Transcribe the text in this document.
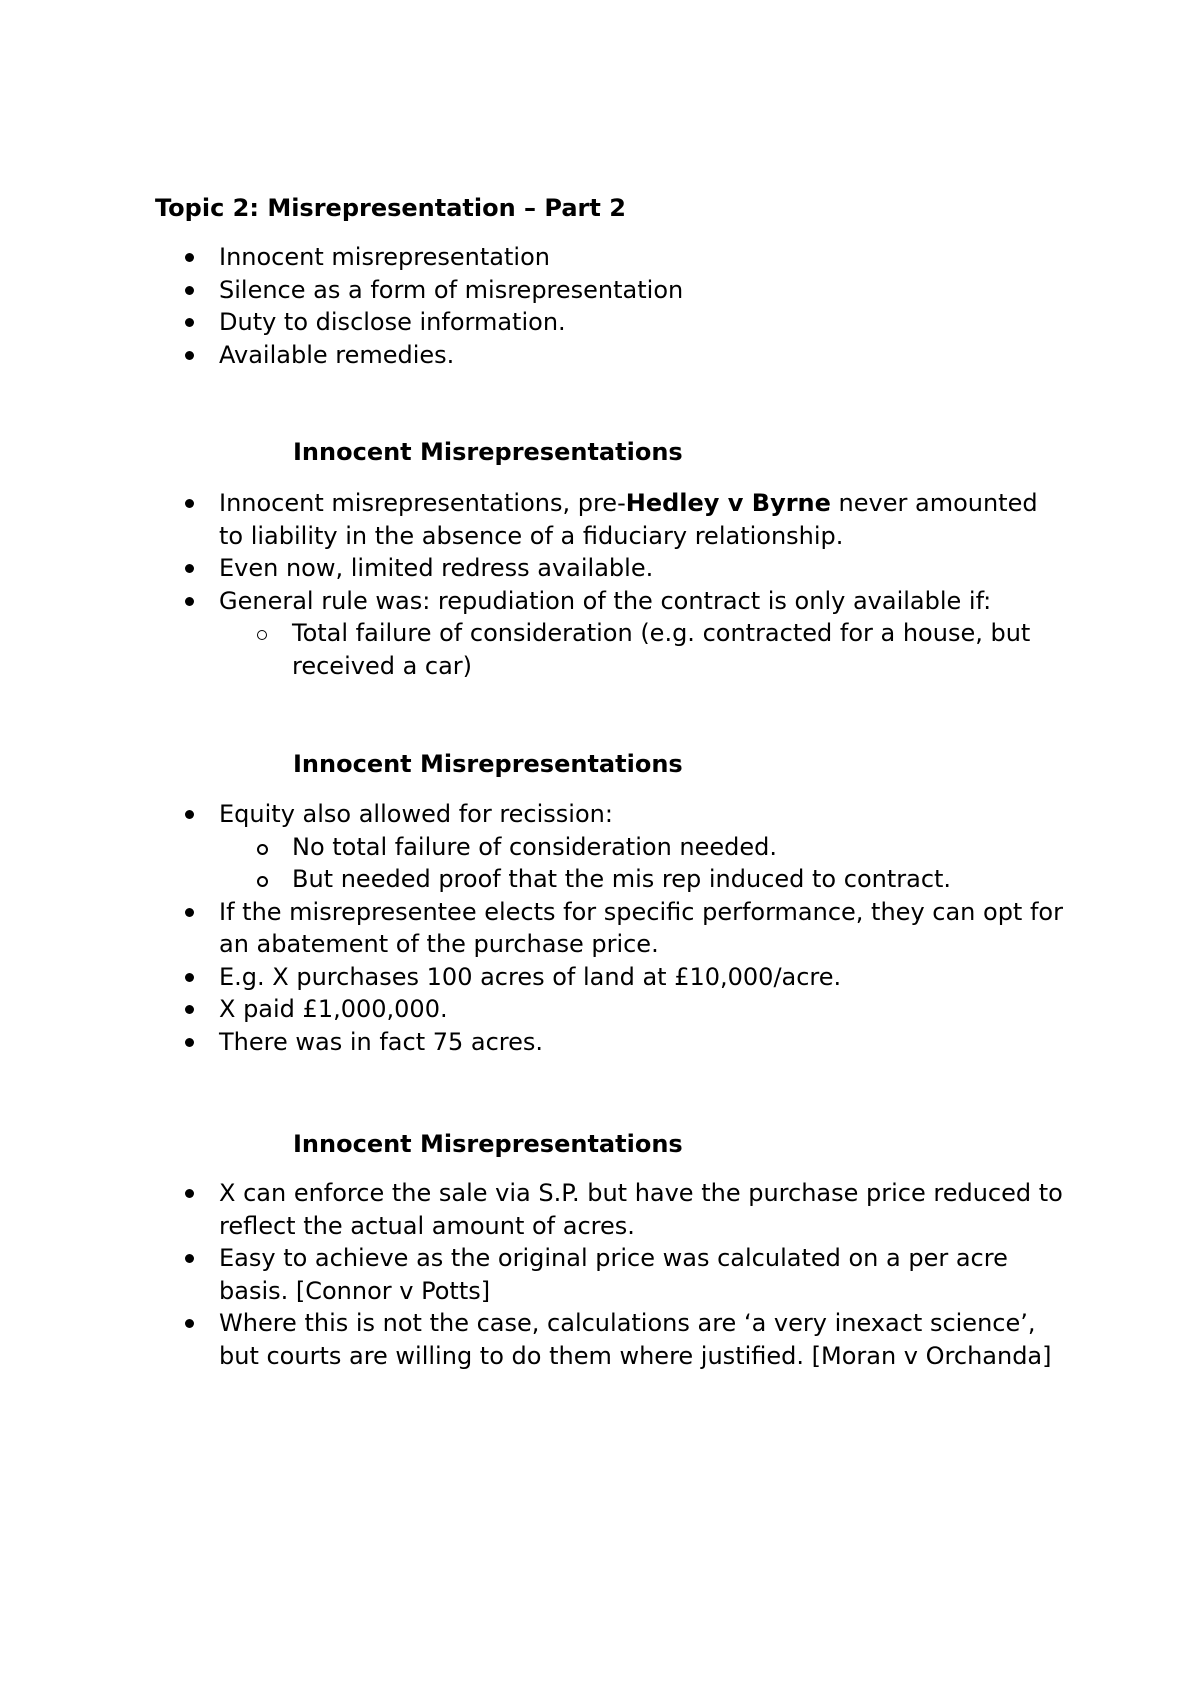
Topic 2: Misrepresentation – Part 2
Innocent misrepresentation
Silence as a form of misrepresentation
Duty to disclose information.
Available remedies.
Innocent Misrepresentations
Innocent misrepresentations, pre-Hedley v Byrne never amounted to liability in the absence of a fiduciary relationship.
Even now, limited redress available.
General rule was: repudiation of the contract is only available if:
Total failure of consideration (e.g. contracted for a house, but received a car)
Innocent Misrepresentations
Equity also allowed for recission:
No total failure of consideration needed.
But needed proof that the mis rep induced to contract.
If the misrepresentee elects for specific performance, they can opt for an abatement of the purchase price.
E.g. X purchases 100 acres of land at £10,000/acre.
X paid £1,000,000.
There was in fact 75 acres.
Innocent Misrepresentations
X can enforce the sale via S.P. but have the purchase price reduced to reflect the actual amount of acres.
Easy to achieve as the original price was calculated on a per acre basis. [Connor v Potts]
Where this is not the case, calculations are ‘a very inexact science’, but courts are willing to do them where justified. [Moran v Orchanda]
